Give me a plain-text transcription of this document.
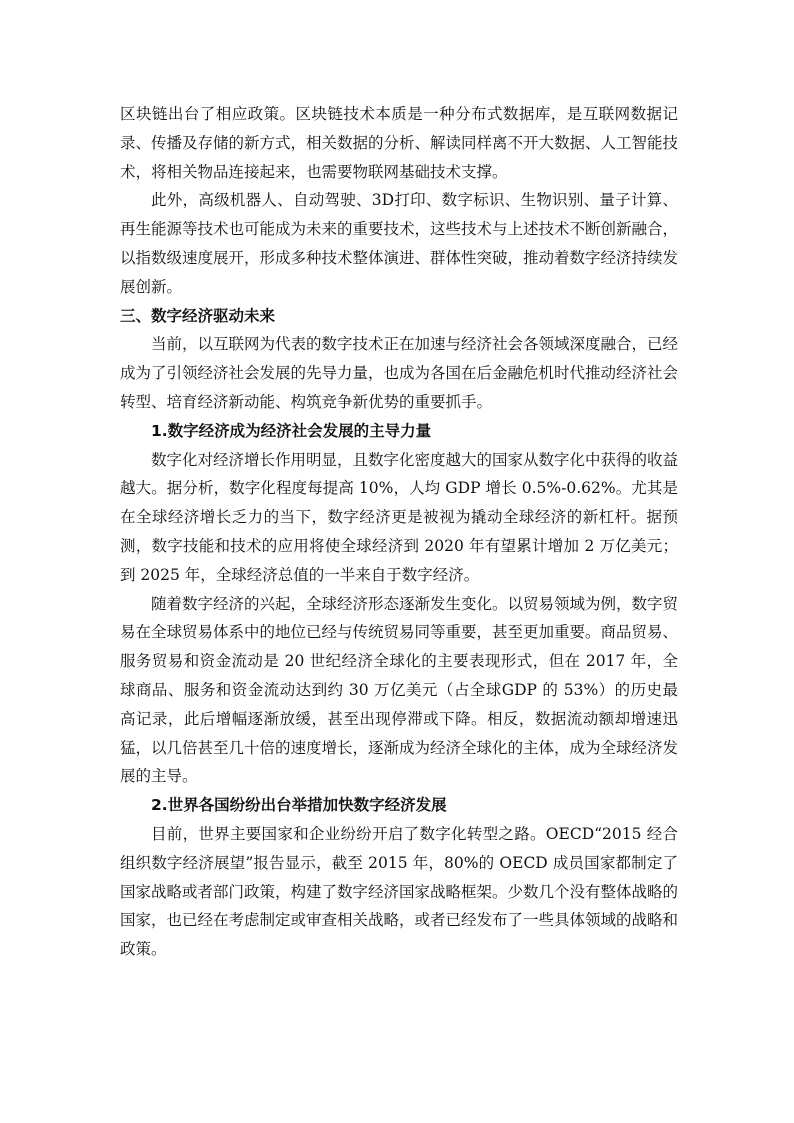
区块链出台了相应政策。区块链技术本质是一种分布式数据库，是互联网数据记录、传播及存储的新方式，相关数据的分析、解读同样离不开大数据、人工智能技术，将相关物品连接起来，也需要物联网基础技术支撑。

此外，高级机器人、自动驾驶、3D打印、数字标识、生物识别、量子计算、再生能源等技术也可能成为未来的重要技术，这些技术与上述技术不断创新融合，以指数级速度展开，形成多种技术整体演进、群体性突破，推动着数字经济持续发展创新。

三、数字经济驱动未来

当前，以互联网为代表的数字技术正在加速与经济社会各领域深度融合，已经成为了引领经济社会发展的先导力量，也成为各国在后金融危机时代推动经济社会转型、培育经济新动能、构筑竞争新优势的重要抓手。

1.数字经济成为经济社会发展的主导力量

数字化对经济增长作用明显，且数字化密度越大的国家从数字化中获得的收益越大。据分析，数字化程度每提高 10%，人均 GDP 增长 0.5%-0.62%。尤其是在全球经济增长乏力的当下，数字经济更是被视为撬动全球经济的新杠杆。据预测，数字技能和技术的应用将使全球经济到 2020 年有望累计增加 2 万亿美元；到 2025 年，全球经济总值的一半来自于数字经济。

随着数字经济的兴起，全球经济形态逐渐发生变化。以贸易领域为例，数字贸易在全球贸易体系中的地位已经与传统贸易同等重要，甚至更加重要。商品贸易、服务贸易和资金流动是 20 世纪经济全球化的主要表现形式，但在 2017 年，全球商品、服务和资金流动达到约 30 万亿美元（占全球GDP 的 53%）的历史最高记录，此后增幅逐渐放缓，甚至出现停滞或下降。相反，数据流动额却增速迅猛，以几倍甚至几十倍的速度增长，逐渐成为经济全球化的主体，成为全球经济发展的主导。

2.世界各国纷纷出台举措加快数字经济发展

目前，世界主要国家和企业纷纷开启了数字化转型之路。OECD“2015 经合组织数字经济展望”报告显示，截至 2015 年，80%的 OECD 成员国家都制定了国家战略或者部门政策，构建了数字经济国家战略框架。少数几个没有整体战略的国家，也已经在考虑制定或审查相关战略，或者已经发布了一些具体领域的战略和政策。
